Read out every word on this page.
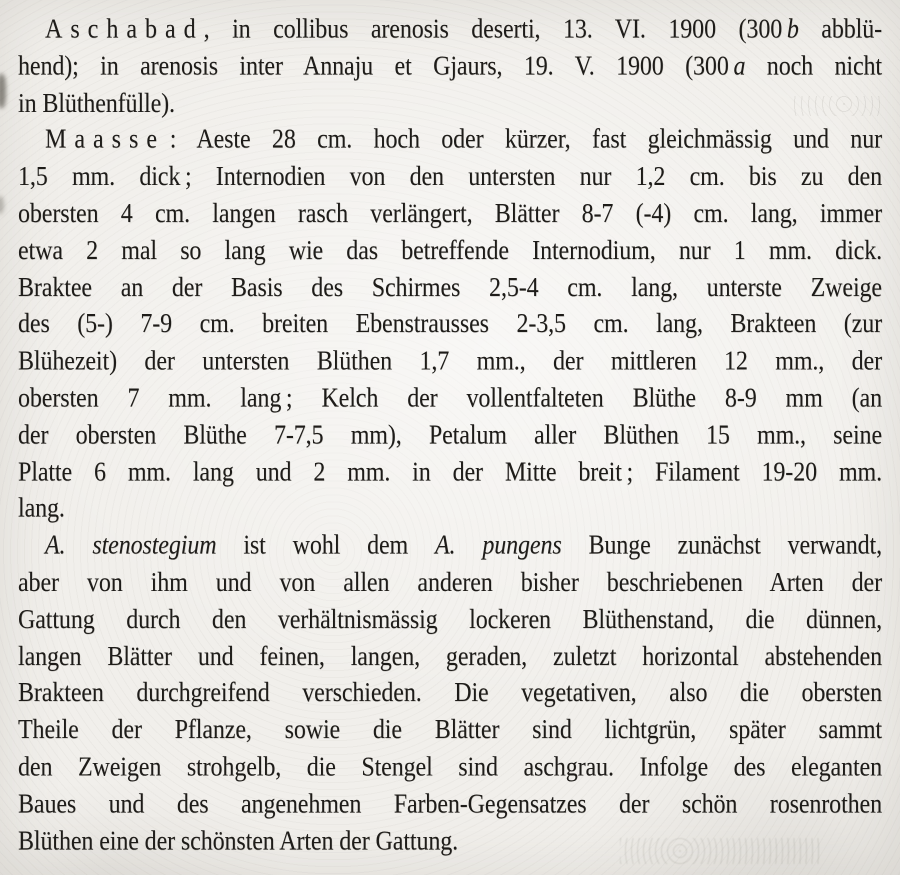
Aschabad, in collibus arenosis deserti, 13. VI. 1900 (300 b abblü-
hend); in arenosis inter Annaju et Gjaurs, 19. V. 1900 (300 a noch nicht
in Blüthenfülle).
Maasse : Aeste 28 cm. hoch oder kürzer, fast gleichmässig und nur
1,5 mm. dick ; Internodien von den untersten nur 1,2 cm. bis zu den
obersten 4 cm. langen rasch verlängert, Blätter 8-7 (-4) cm. lang, immer
etwa 2 mal so lang wie das betreffende Internodium, nur 1 mm. dick.
Braktee an der Basis des Schirmes 2,5-4 cm. lang, unterste Zweige
des (5-) 7-9 cm. breiten Ebenstrausses 2-3,5 cm. lang, Brakteen (zur
Blühezeit) der untersten Blüthen 1,7 mm., der mittleren 12 mm., der
obersten 7 mm. lang ; Kelch der vollentfalteten Blüthe 8-9 mm (an
der obersten Blüthe 7-7,5 mm), Petalum aller Blüthen 15 mm., seine
Platte 6 mm. lang und 2 mm. in der Mitte breit ; Filament 19-20 mm.
lang.
A. stenostegium ist wohl dem A. pungens Bunge zunächst verwandt,
aber von ihm und von allen anderen bisher beschriebenen Arten der
Gattung durch den verhältnismässig lockeren Blüthenstand, die dünnen,
langen Blätter und feinen, langen, geraden, zuletzt horizontal abstehenden
Brakteen durchgreifend verschieden. Die vegetativen, also die obersten
Theile der Pflanze, sowie die Blätter sind lichtgrün, später sammt
den Zweigen strohgelb, die Stengel sind aschgrau. Infolge des eleganten
Baues und des angenehmen Farben-Gegensatzes der schön rosenrothen
Blüthen eine der schönsten Arten der Gattung.
